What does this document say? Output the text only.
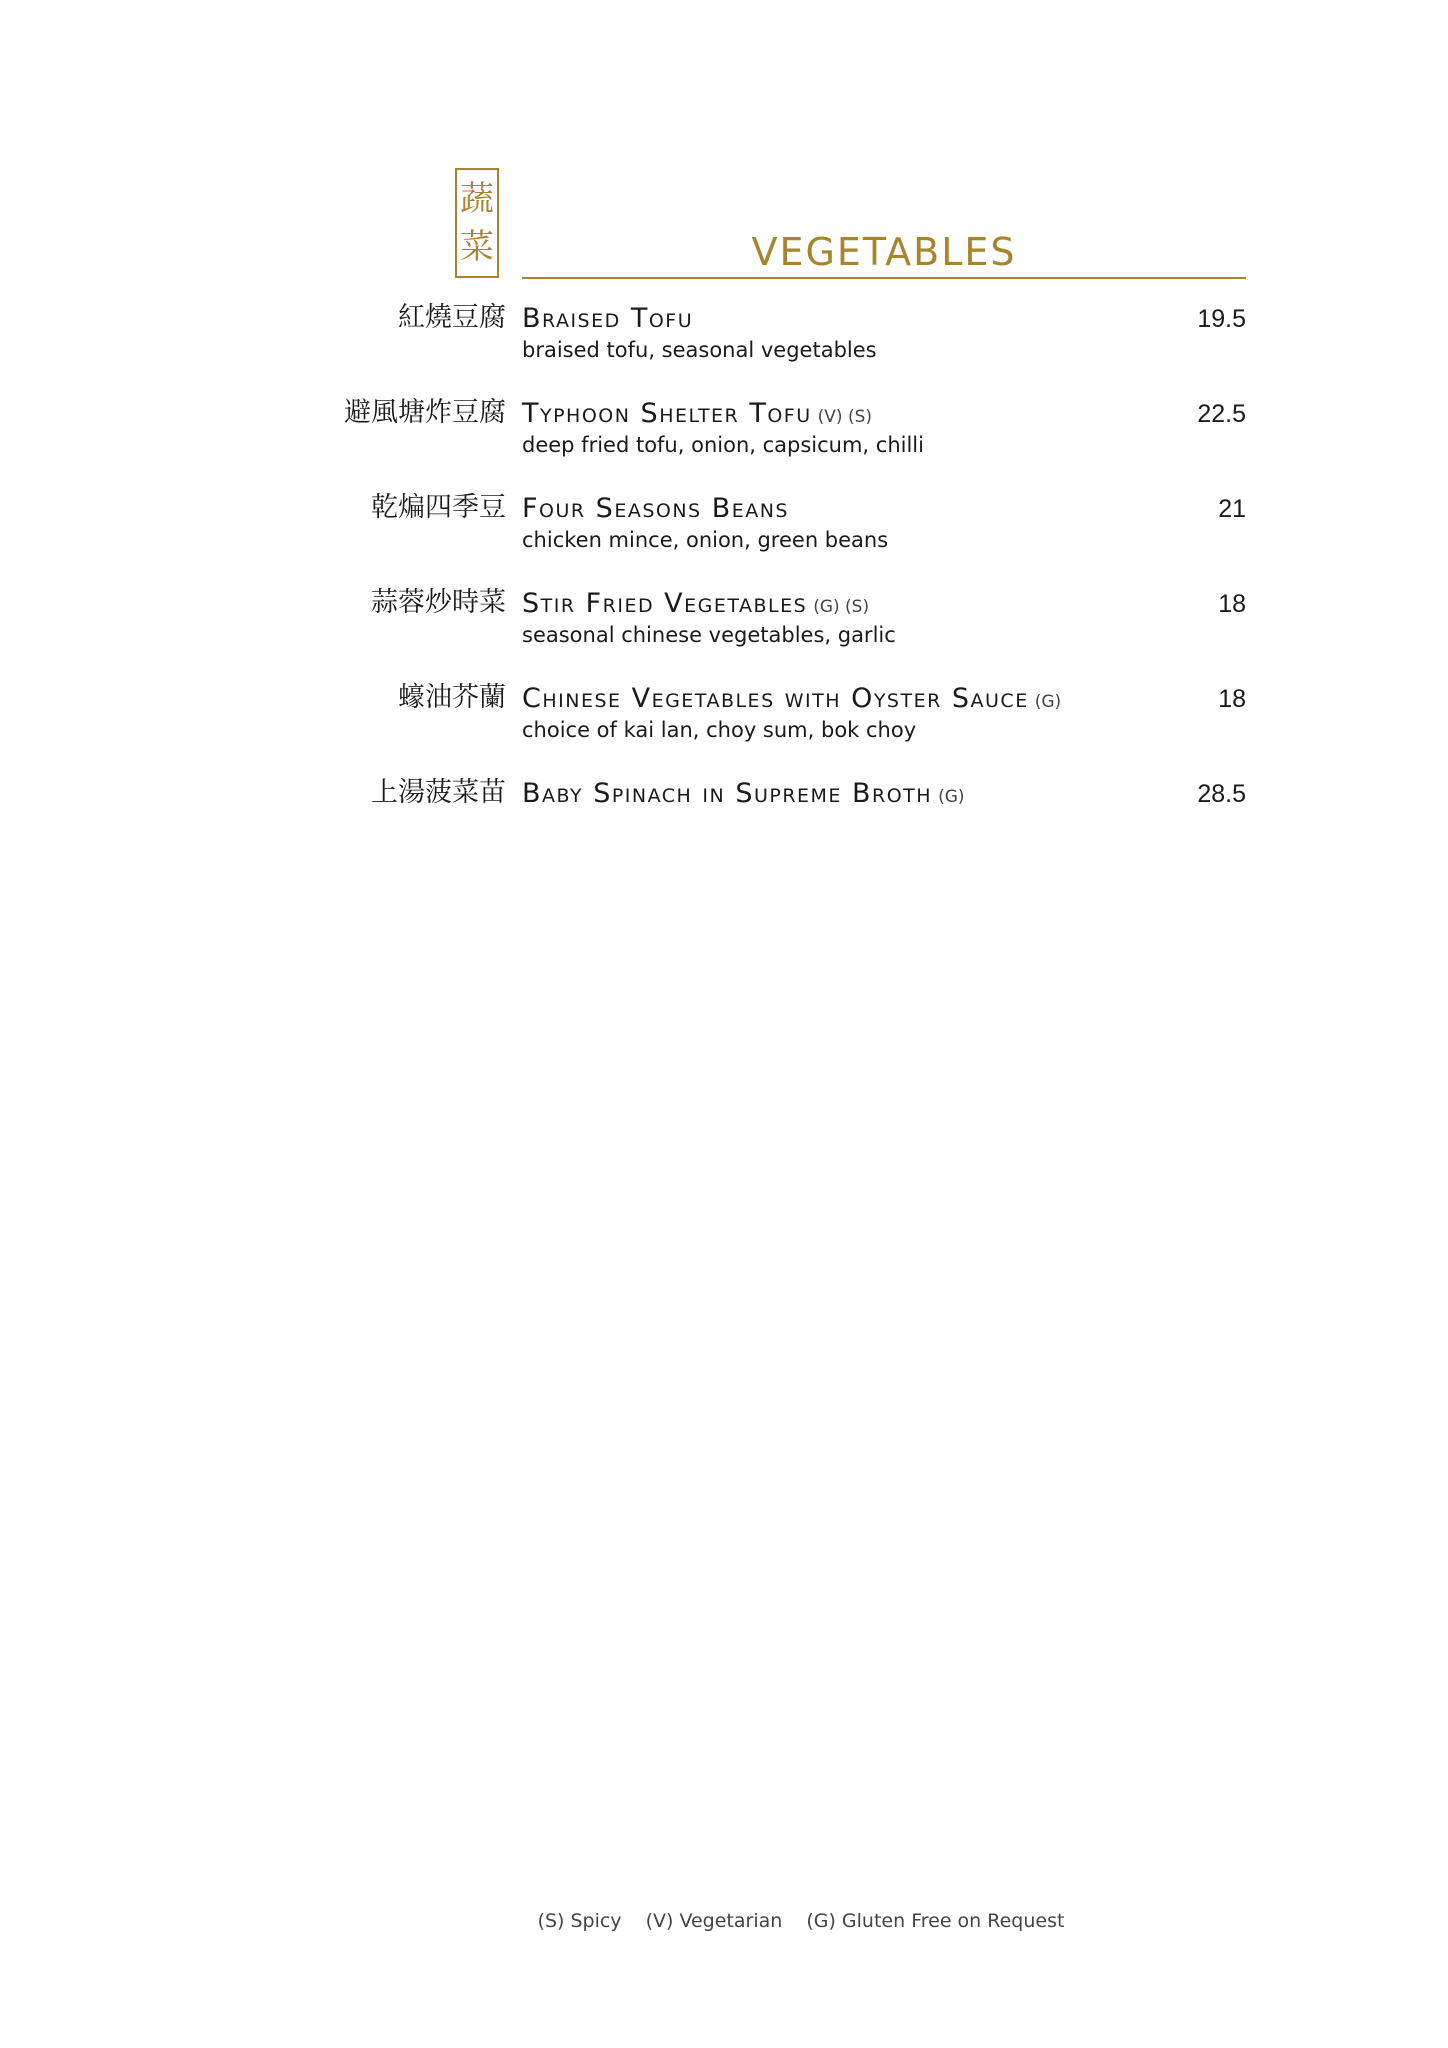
蔬
菜	VEGETABLES
紅燒豆腐 Braised Tofu
braised tofu, seasonal vegetables
19.5
避風塘炸豆腐 Typhoon Shelter Tofu (V) (S)
deep fried tofu, onion, capsicum, chilli
22.5
乾煸四季豆 Four Seasons Beans
chicken mince, onion, green beans
21
蒜蓉炒時菜 Stir Fried Vegetables (G) (S)
seasonal chinese vegetables, garlic
18
蠔油芥蘭 Chinese Vegetables with Oyster Sauce (G)
choice of kai lan, choy sum, bok choy
18
上湯菠菜苗 Baby Spinach in Supreme Broth (G)	28.5
(S) Spicy (V) Vegetarian (G) Gluten Free on Request
